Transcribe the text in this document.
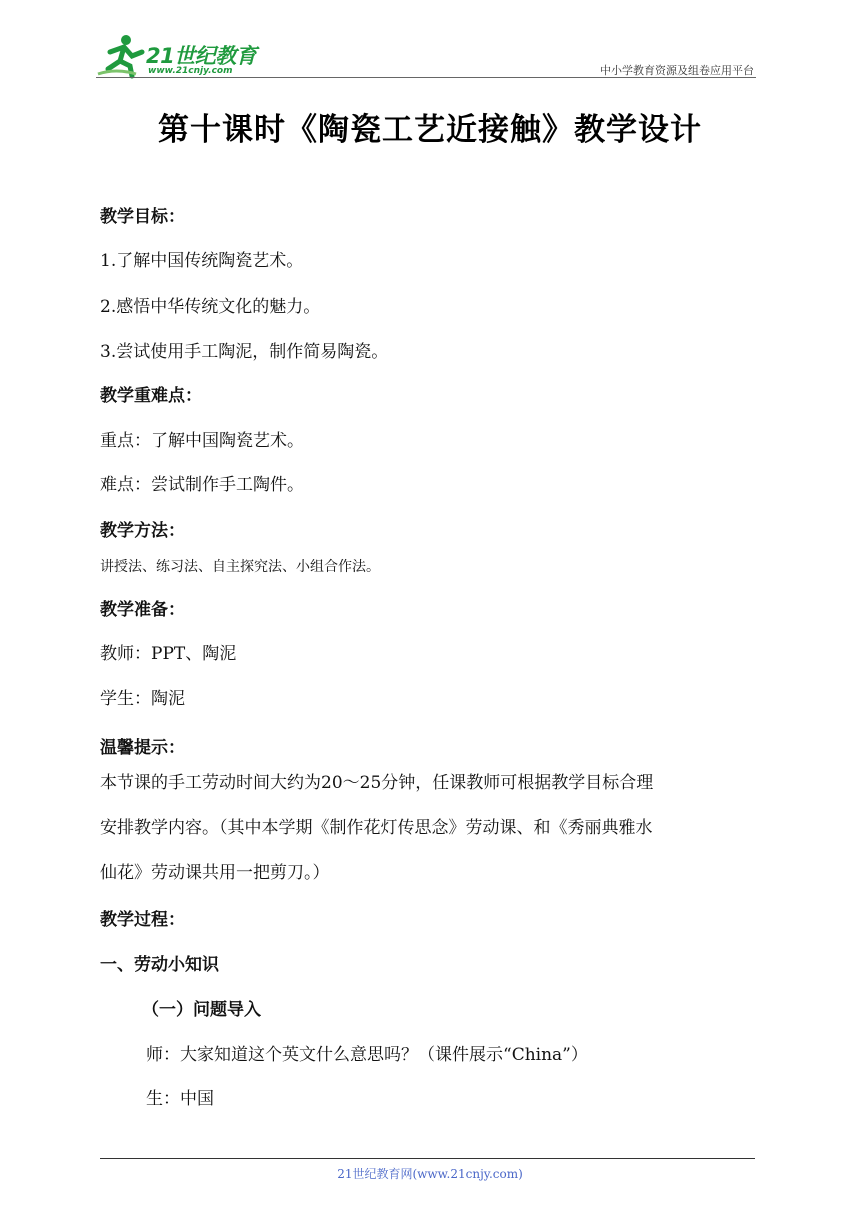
21世纪教育
www.21cnjy.com	中小学教育资源及组卷应用平台
第十课时《陶瓷工艺近接触》教学设计
教学目标：
1.了解中国传统陶瓷艺术。
2.感悟中华传统文化的魅力。
3.尝试使用手工陶泥，制作简易陶瓷。
教学重难点：
重点：了解中国陶瓷艺术。
难点：尝试制作手工陶件。
教学方法：
讲授法、练习法、自主探究法、小组合作法。
教学准备：
教师：PPT、陶泥
学生：陶泥
温馨提示：
本节课的手工劳动时间大约为20～25分钟，任课教师可根据教学目标合理
安排教学内容。（其中本学期《制作花灯传思念》劳动课、和《秀丽典雅水
仙花》劳动课共用一把剪刀。）
教学过程：
一、劳动小知识
（一）问题导入
师：大家知道这个英文什么意思吗？（课件展示“China”）
生：中国
21世纪教育网(www.21cnjy.com)
